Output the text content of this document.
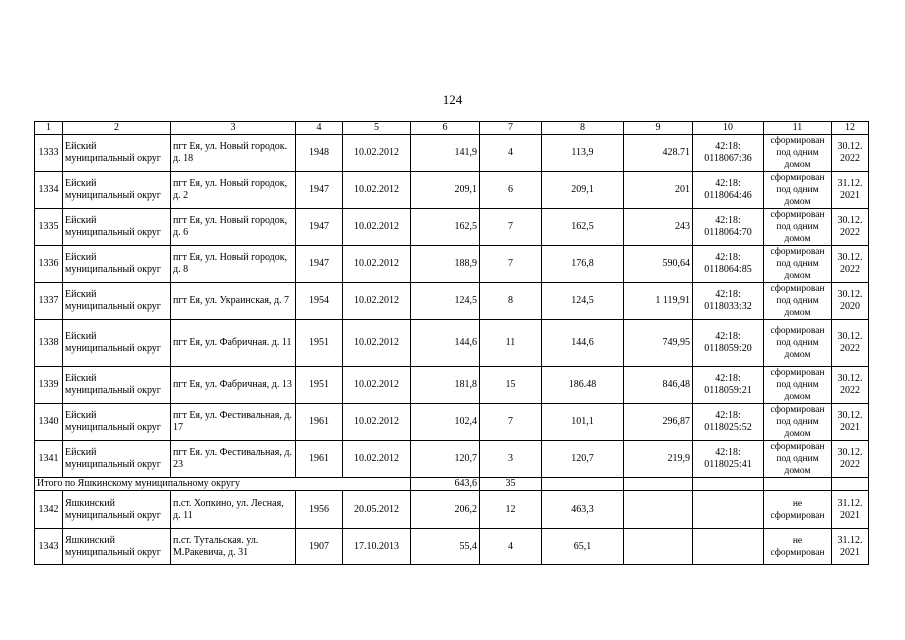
124
1	2	3	4	5	6	7	8	9	10	11	12
1333	Ейский муниципальный округ	пгт Ея, ул. Новый городок. д. 18	1948	10.02.2012	141,9	4	113,9	428.71	42:18: 0118067:36	сформирован под одним домом	30.12. 2022
1334	Ейский муниципальный округ	пгт Ея, ул. Новый городок, д. 2	1947	10.02.2012	209,1	6	209,1	201	42:18: 0118064:46	сформирован под одним домом	31.12. 2021
1335	Ейский муниципальный округ	пгт Ея, ул. Новый городок, д. 6	1947	10.02.2012	162,5	7	162,5	243	42:18: 0118064:70	сформирован под одним домом	30.12. 2022
1336	Ейский муниципальный округ	пгт Ея, ул. Новый городок, д. 8	1947	10.02.2012	188,9	7	176,8	590,64	42:18: 0118064:85	сформирован под одним домом	30.12. 2022
1337	Ейский муниципальный округ	пгт Ея, ул. Украинская, д. 7	1954	10.02.2012	124,5	8	124,5	1 119,91	42:18: 0118033:32	сформирован под одним домом	30.12. 2020
1338	Ейский муниципальный округ	пгт Ея, ул. Фабричная. д. 11	1951	10.02.2012	144,6	11	144,6	749,95	42:18: 0118059:20	сформирован под одним домом	30.12. 2022
1339	Ейский муниципальный округ	пгт Ея, ул. Фабричная, д. 13	1951	10.02.2012	181,8	15	186.48	846,48	42:18: 0118059:21	сформирован под одним домом	30.12. 2022
1340	Ейский муниципальный округ	пгт Ея, ул. Фестивальная, д. 17	1961	10.02.2012	102,4	7	101,1	296,87	42:18: 0118025:52	сформирован под одним домом	30.12. 2021
1341	Ейский муниципальный округ	пгт Ея. ул. Фестивальная, д. 23	1961	10.02.2012	120,7	3	120,7	219,9	42:18: 0118025:41	сформирован под одним домом	30.12. 2022
Итого по Яшкинскому муниципальному округу					643,6	35					
1342	Яшкинский муниципальный округ	п.ст. Хопкино, ул. Лесная, д. 11	1956	20.05.2012	206,2	12	463,3			не сформирован	31.12. 2021
1343	Яшкинский муниципальный округ	п.ст. Тутальская. ул. М.Ракевича, д. 31	1907	17.10.2013	55,4	4	65,1			не сформирован	31.12. 2021
